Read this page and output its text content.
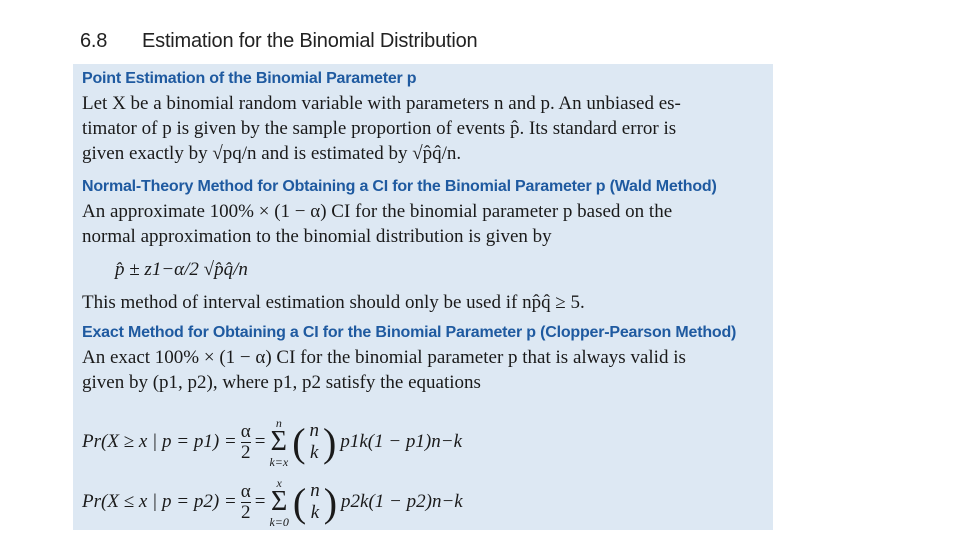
6.8 Estimation for the Binomial Distribution
Point Estimation of the Binomial Parameter p
Let X be a binomial random variable with parameters n and p. An unbiased es-
timator of p is given by the sample proportion of events p̂. Its standard error is
given exactly by √pq/n and is estimated by √p̂q̂/n.
Normal-Theory Method for Obtaining a CI for the Binomial Parameter p (Wald Method)
An approximate 100% × (1 − α) CI for the binomial parameter p based on the
normal approximation to the binomial distribution is given by
p̂ ± z1−α/2 √p̂q̂/n
This method of interval estimation should only be used if np̂q̂ ≥ 5.
Exact Method for Obtaining a CI for the Binomial Parameter p (Clopper-Pearson Method)
An exact 100% × (1 − α) CI for the binomial parameter p that is always valid is
given by (p1, p2), where p1, p2 satisfy the equations
Pr(X ≥ x | $p = p1) = \frac{\alpha}{2}$ =
n
Σ
k=x ( n
k ) p1k(1 − p1)n−k
Pr(X ≤ x | $p = p2) = \frac{\alpha}{2}$ =
x
Σ
k=0 ( n
k ) p2k(1 − p2)n−k
